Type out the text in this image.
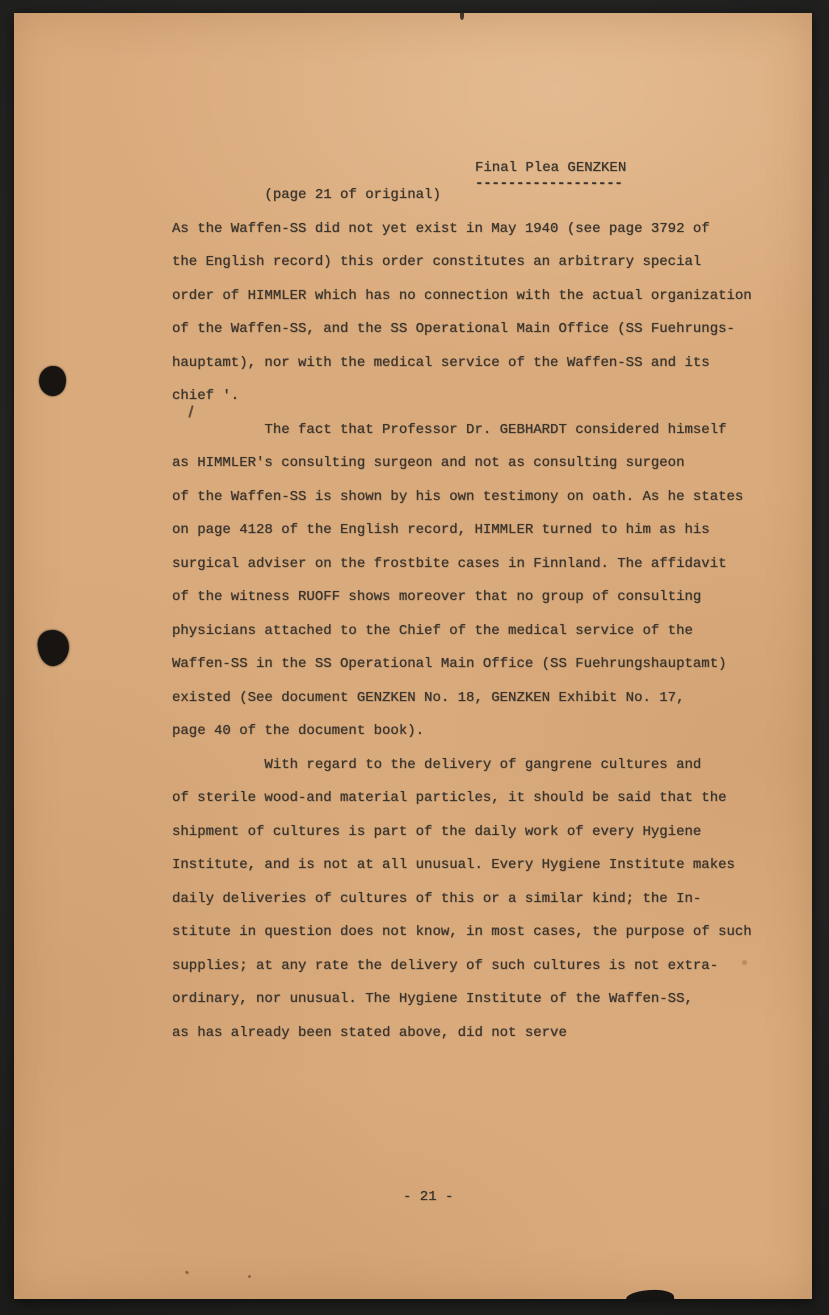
Final Plea GENZKEN
------------------
(page 21 of original)
As the Waffen-SS did not yet exist in May 1940 (see page 3792 of
the English record) this order constitutes an arbitrary special
order of HIMMLER which has no connection with the actual organization
of the Waffen-SS, and the SS Operational Main Office (SS Fuehrungs-
hauptamt), nor with the medical service of the Waffen-SS and its
chief '.
The fact that Professor Dr. GEBHARDT considered himself
as HIMMLER's consulting surgeon and not as consulting surgeon
of the Waffen-SS is shown by his own testimony on oath. As he states
on page 4128 of the English record, HIMMLER turned to him as his
surgical adviser on the frostbite cases in Finnland. The affidavit
of the witness RUOFF shows moreover that no group of consulting
physicians attached to the Chief of the medical service of the
Waffen-SS in the SS Operational Main Office (SS Fuehrungshauptamt)
existed (See document GENZKEN No. 18, GENZKEN Exhibit No. 17,
page 40 of the document book).
With regard to the delivery of gangrene cultures and
of sterile wood-and material particles, it should be said that the
shipment of cultures is part of the daily work of every Hygiene
Institute, and is not at all unusual. Every Hygiene Institute makes
daily deliveries of cultures of this or a similar kind; the In-
stitute in question does not know, in most cases, the purpose of such
supplies; at any rate the delivery of such cultures is not extra-
ordinary, nor unusual. The Hygiene Institute of the Waffen-SS,
as has already been stated above, did not serve
- 21 -
